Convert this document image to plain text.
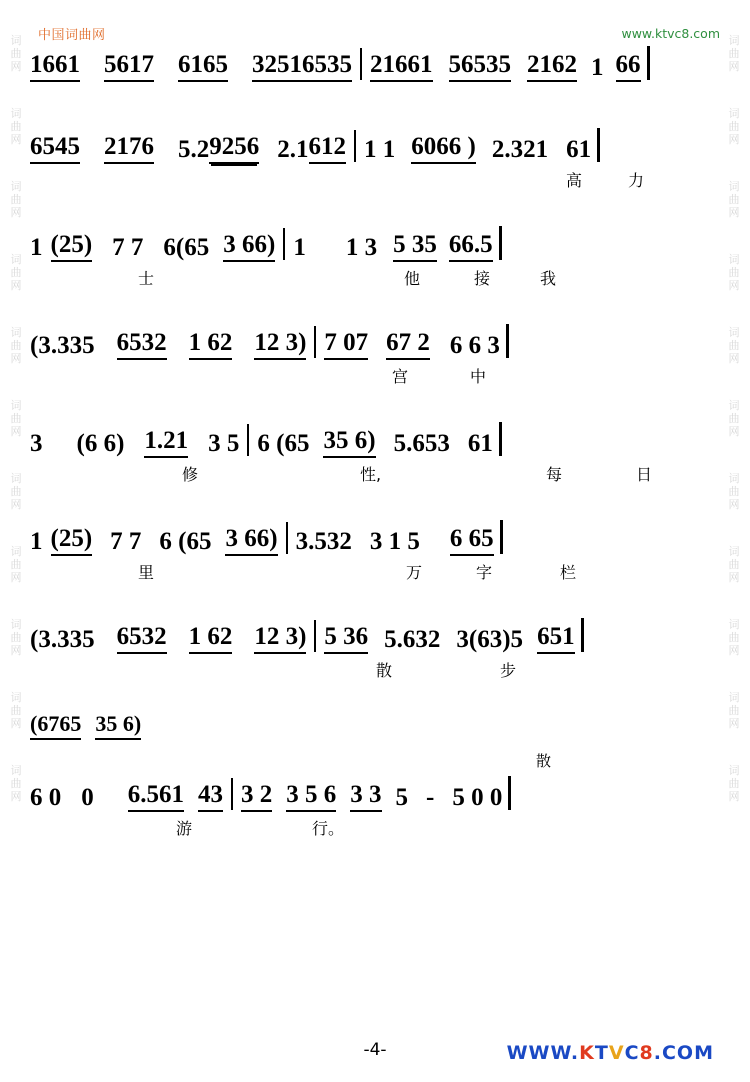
词
曲
网
词
曲
网
词
曲
网
词
曲
网
词
曲
网
词
曲
网
词
曲
网
词
曲
网
词
曲
网
词
曲
网
词
曲
网
词
曲
网
词
曲
网
词
曲
网
词
曲
网
词
曲
网
词
曲
网
词
曲
网
词
曲
网
词
曲
网
词
曲
网
词
曲
网
中国词曲网	www.ktvc8.com
1661 5617 6165 3251 6535 21661 56535 2162 1 66
6545 2176 5.2 9256 2.1 612 1 1 6066 ) 2.321 61
高	力
1 (25) 7 7 6(65 3 66) 1 1 3 5 35 66.5
士	他	接	我
(3.335 6532 1 62 12 3) 7 07 67 2 6 6 3
宫	中
3 (6 6) 1.21 3 5 6 (65 35 6) 5.653 61
修	性,	每	日
1 (25) 7 7 6 (65 3 66) 3.532 3 1 5 6 65
里	万	字	栏
(3.335 6532 1 62 12 3) 5 36 5.632 3(63)5 651
散	步
(6765 35 6)
散
6 0 0 6.561 43 3 2 3 5 6 3 3 5 - 5 0 0
游	行。
-4-	WWW.KTVC8.COM
